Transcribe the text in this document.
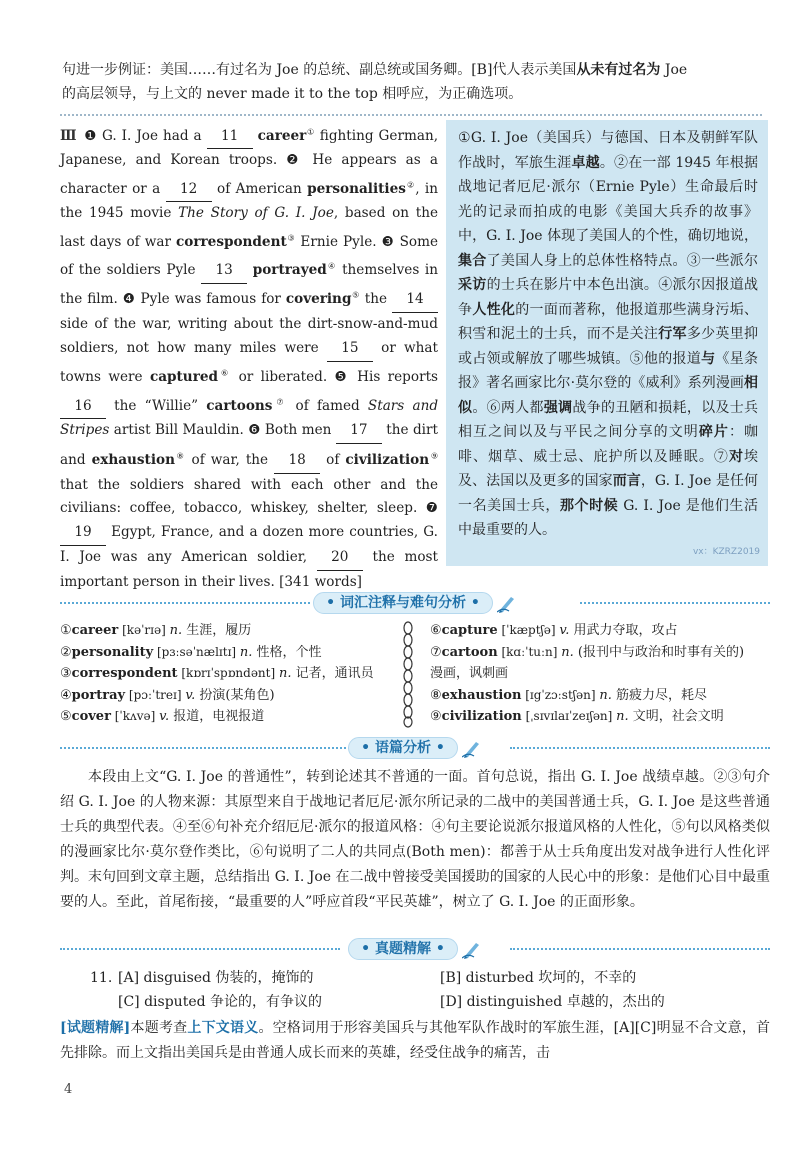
句进一步例证：美国……有过名为 Joe 的总统、副总统或国务卿。[B]代人表示美国从未有过名为 Joe
的高层领导，与上文的 never made it to the top 相呼应，为正确选项。
Ⅲ ❶ G. I. Joe had a 11 career① fighting German, Japanese, and Korean troops. ❷ He appears as a character or a 12 of American personalities②, in the 1945 movie The Story of G. I. Joe, based on the last days of war correspondent③ Ernie Pyle. ❸ Some of the soldiers Pyle 13 portrayed④ themselves in the film. ❹ Pyle was famous for covering⑤ the 14 side of the war, writing about the dirt-snow-and-mud soldiers, not how many miles were 15 or what towns were captured⑥ or liberated. ❺ His reports 16 the “Willie” cartoons⑦ of famed Stars and Stripes artist Bill Mauldin. ❻ Both men 17 the dirt and exhaustion⑧ of war, the 18 of civilization⑨ that the soldiers shared with each other and the civilians: coffee, tobacco, whiskey, shelter, sleep. ❼ 19 Egypt, France, and a dozen more countries, G. I. Joe was any American soldier, 20 the most important person in their lives. [341 words]
①G. I. Joe（美国兵）与德国、日本及朝鲜军队作战时，军旅生涯卓越。②在一部 1945 年根据战地记者厄尼·派尔（Ernie Pyle）生命最后时光的记录而拍成的电影《美国大兵乔的故事》中，G. I. Joe 体现了美国人的个性，确切地说，集合了美国人身上的总体性格特点。③一些派尔采访的士兵在影片中本色出演。④派尔因报道战争人性化的一面而著称，他报道那些满身污垢、积雪和泥土的士兵，而不是关注行军多少英里抑或占领或解放了哪些城镇。⑤他的报道与《星条报》著名画家比尔·莫尔登的《威利》系列漫画相似。⑥两人都强调战争的丑陋和损耗，以及士兵相互之间以及与平民之间分享的文明碎片：咖啡、烟草、威士忌、庇护所以及睡眠。⑦对埃及、法国以及更多的国家而言，G. I. Joe 是任何一名美国士兵，那个时候 G. I. Joe 是他们生活中最重要的人。
vx：KZRZ2019
• 词汇注释与难句分析 •
①career [kəˈrɪə] n. 生涯，履历
②personality [pɜːsəˈnælɪtɪ] n. 性格，个性
③correspondent [kɒrɪˈspɒndənt] n. 记者，通讯员
④portray [pɔːˈtreɪ] v. 扮演(某角色)
⑤cover [ˈkʌvə] v. 报道，电视报道
⑥capture [ˈkæptʃə] v. 用武力夺取，攻占
⑦cartoon [kɑːˈtuːn] n. (报刊中与政治和时事有关的)
漫画，讽刺画
⑧exhaustion [ɪgˈzɔːstʃən] n. 筋疲力尽，耗尽
⑨civilization [ˌsɪvɪlaɪˈzeɪʃən] n. 文明，社会文明
• 语篇分析 •
本段由上文“G. I. Joe 的普通性”，转到论述其不普通的一面。首句总说，指出 G. I. Joe 战绩卓越。②③句介绍 G. I. Joe 的人物来源：其原型来自于战地记者厄尼·派尔所记录的二战中的美国普通士兵，G. I. Joe 是这些普通士兵的典型代表。④至⑥句补充介绍厄尼·派尔的报道风格：④句主要论说派尔报道风格的人性化，⑤句以风格类似的漫画家比尔·莫尔登作类比，⑥句说明了二人的共同点(Both men)：都善于从士兵角度出发对战争进行人性化评判。末句回到文章主题，总结指出 G. I. Joe 在二战中曾接受美国援助的国家的人民心中的形象：是他们心目中最重要的人。至此，首尾衔接，“最重要的人”呼应首段“平民英雄”，树立了 G. I. Joe 的正面形象。
• 真题精解 •
11. [A] disguised 伪装的，掩饰的	[B] disturbed 坎坷的，不幸的
[C] disputed 争论的，有争议的	[D] distinguished 卓越的，杰出的
[试题精解]本题考查上下文语义。空格词用于形容美国兵与其他军队作战时的军旅生涯，[A][C]明显不合文意，首先排除。而上文指出美国兵是由普通人成长而来的英雄，经受住战争的痛苦，击
4
